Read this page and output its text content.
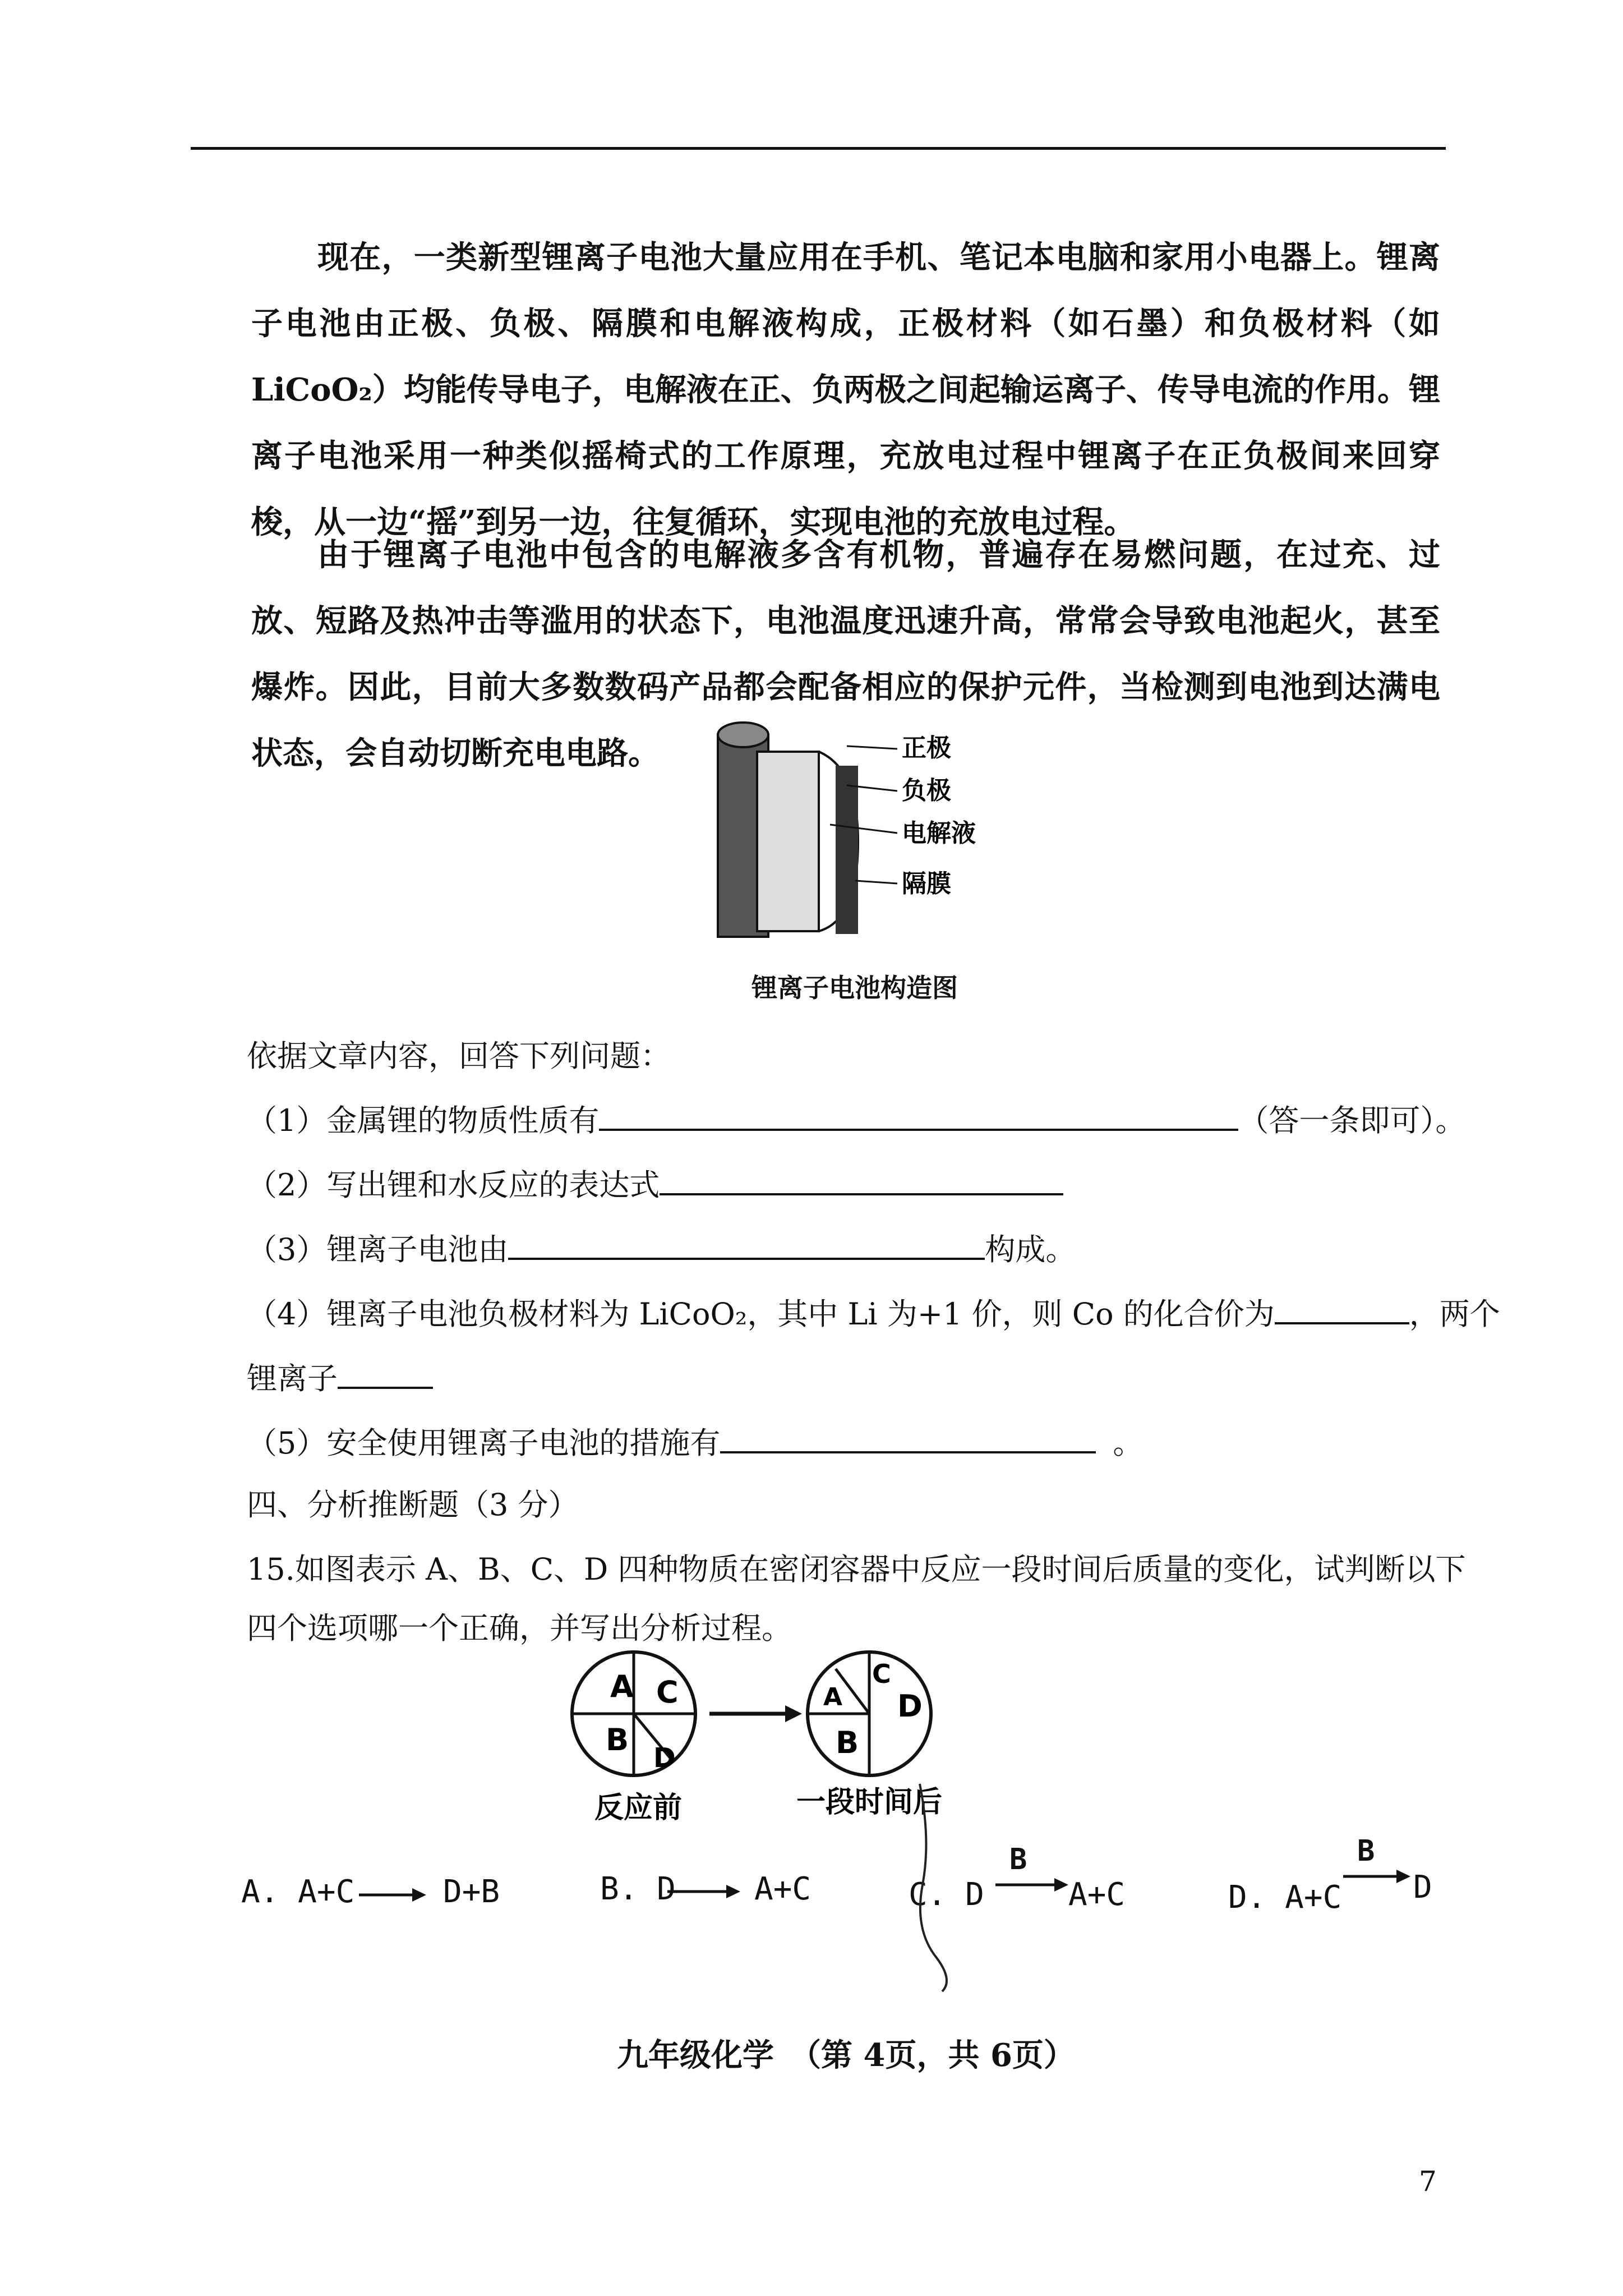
现在，一类新型锂离子电池大量应用在手机、笔记本电脑和家用小电器上。锂离子电池由正极、负极、隔膜和电解液构成，正极材料（如石墨）和负极材料（如LiCoO₂）均能传导电子，电解液在正、负两极之间起输运离子、传导电流的作用。锂离子电池采用一种类似摇椅式的工作原理，充放电过程中锂离子在正负极间来回穿梭，从一边“摇”到另一边，往复循环，实现电池的充放电过程。
由于锂离子电池中包含的电解液多含有机物，普遍存在易燃问题，在过充、过放、短路及热冲击等滥用的状态下，电池温度迅速升高，常常会导致电池起火，甚至爆炸。因此，目前大多数数码产品都会配备相应的保护元件，当检测到电池到达满电状态，会自动切断充电电路。	正极
负极
电解液
隔膜
锂离子电池构造图
依据文章内容，回答下列问题：
（1）金属锂的物质性质有	（答一条即可）。
（2）写出锂和水反应的表达式
（3）锂离子电池由	构成。
（4）锂离子电池负极材料为 LiCoO₂，其中 Li 为+1 价，则 Co 的化合价为	，两个
锂离子
（5）安全使用锂离子电池的措施有	。
四、分析推断题（3 分）
15.如图表示 A、B、C、D 四种物质在密闭容器中反应一段时间后质量的变化，试判断以下
四个选项哪一个正确，并写出分析过程。
A C
B
D
C
A
B
D
反应前	一段时间后
A. A+C	D+B	B. D	A+C	C. D
B
A+C	D. A+C
B
D
九年级化学　（第 4页，共 6页）
7
